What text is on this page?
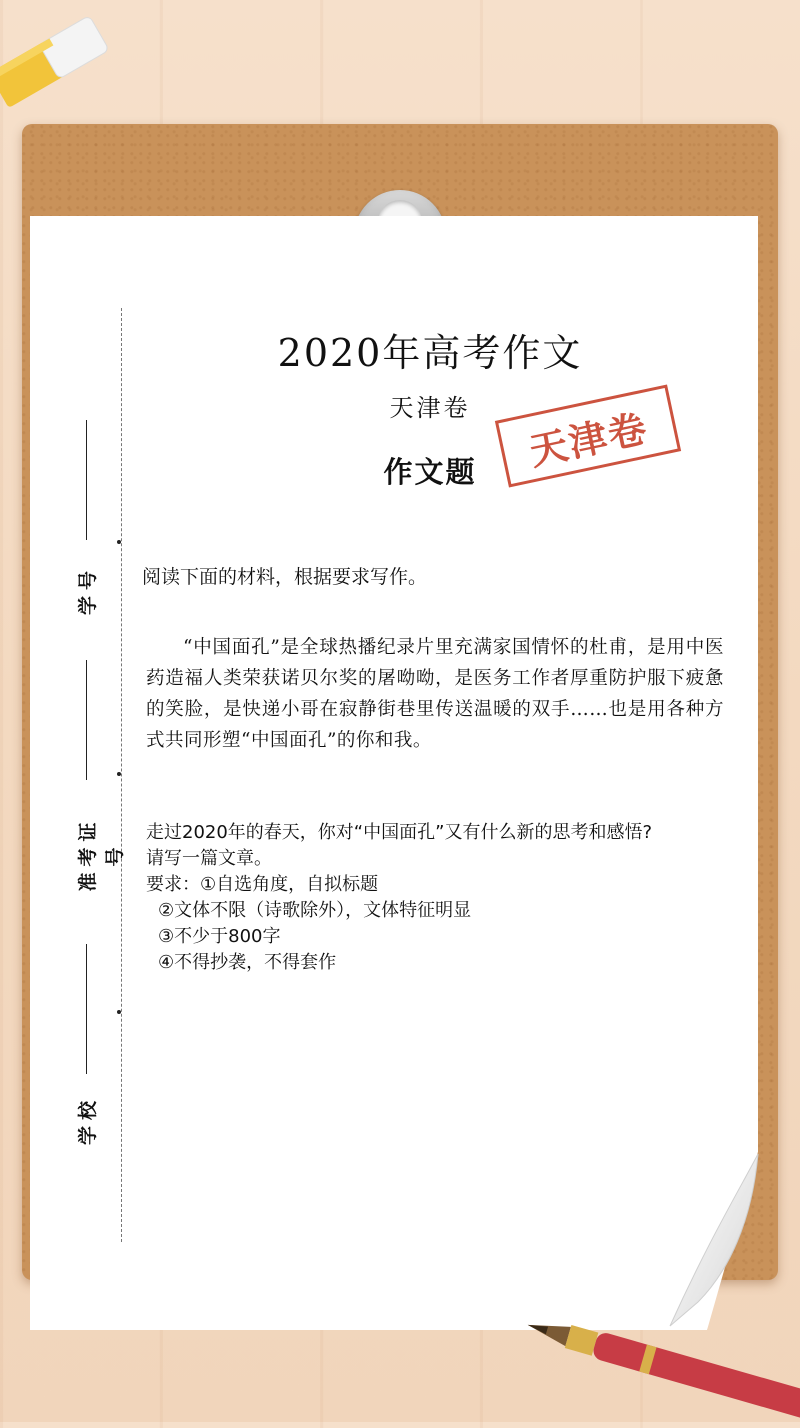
学号
准考证号
学校
2020年高考作文
天津卷
作文题	天津卷
阅读下面的材料，根据要求写作。
“中国面孔”是全球热播纪录片里充满家国情怀的杜甫，是用中医药造福人类荣获诺贝尔奖的屠呦呦，是医务工作者厚重防护服下疲惫的笑脸，是快递小哥在寂静街巷里传送温暖的双手……也是用各种方式共同形塑“中国面孔”的你和我。
走过2020年的春天，你对“中国面孔”又有什么新的思考和感悟?
请写一篇文章。
要求：①自选角度，自拟标题
②文体不限（诗歌除外），文体特征明显
③不少于800字
④不得抄袭，不得套作
